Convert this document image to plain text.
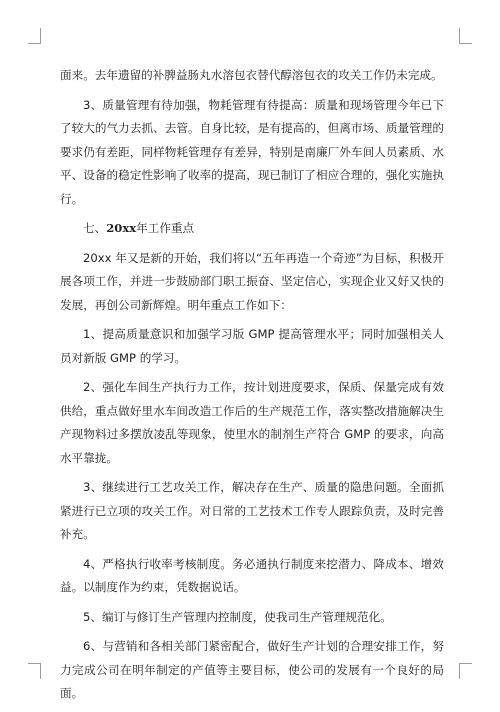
面来。去年遗留的补脾益肠丸水溶包衣替代醇溶包衣的攻关工作仍未完成。

3、质量管理有待加强，物耗管理有待提高：质量和现场管理今年已下了较大的气力去抓、去管。自身比较，是有提高的，但离市场、质量管理的要求仍有差距，同样物耗管理存有差异，特别是南廉厂外车间人员素质、水平、设备的稳定性影响了收率的提高，现已制订了相应合理的，强化实施执行。

七、20xx年工作重点

20xx 年又是新的开始，我们将以“五年再造一个奇迹”为目标，积极开展各项工作，并进一步鼓励部门职工振奋、坚定信心，实现企业又好又快的发展，再创公司新辉煌。明年重点工作如下：

1、提高质量意识和加强学习版 GMP 提高管理水平；同时加强相关人员对新版 GMP 的学习。

2、强化车间生产执行力工作，按计划进度要求，保质、保量完成有效供给，重点做好里水车间改造工作后的生产规范工作，落实整改措施解决生产现物料过多摆放凌乱等现象，使里水的制剂生产符合 GMP 的要求，向高水平靠拢。

3、继续进行工艺攻关工作，解决存在生产、质量的隐患问题。全面抓紧进行已立项的攻关工作。对日常的工艺技术工作专人跟踪负责，及时完善补充。

4、严格执行收率考核制度。务必通执行制度来挖潜力、降成本、增效益。以制度作为约束，凭数据说话。

5、编订与修订生产管理内控制度，使我司生产管理规范化。

6、与营销和各相关部门紧密配合，做好生产计划的合理安排工作，努力完成公司在明年制定的产值等主要目标，使公司的发展有一个良好的局面。
